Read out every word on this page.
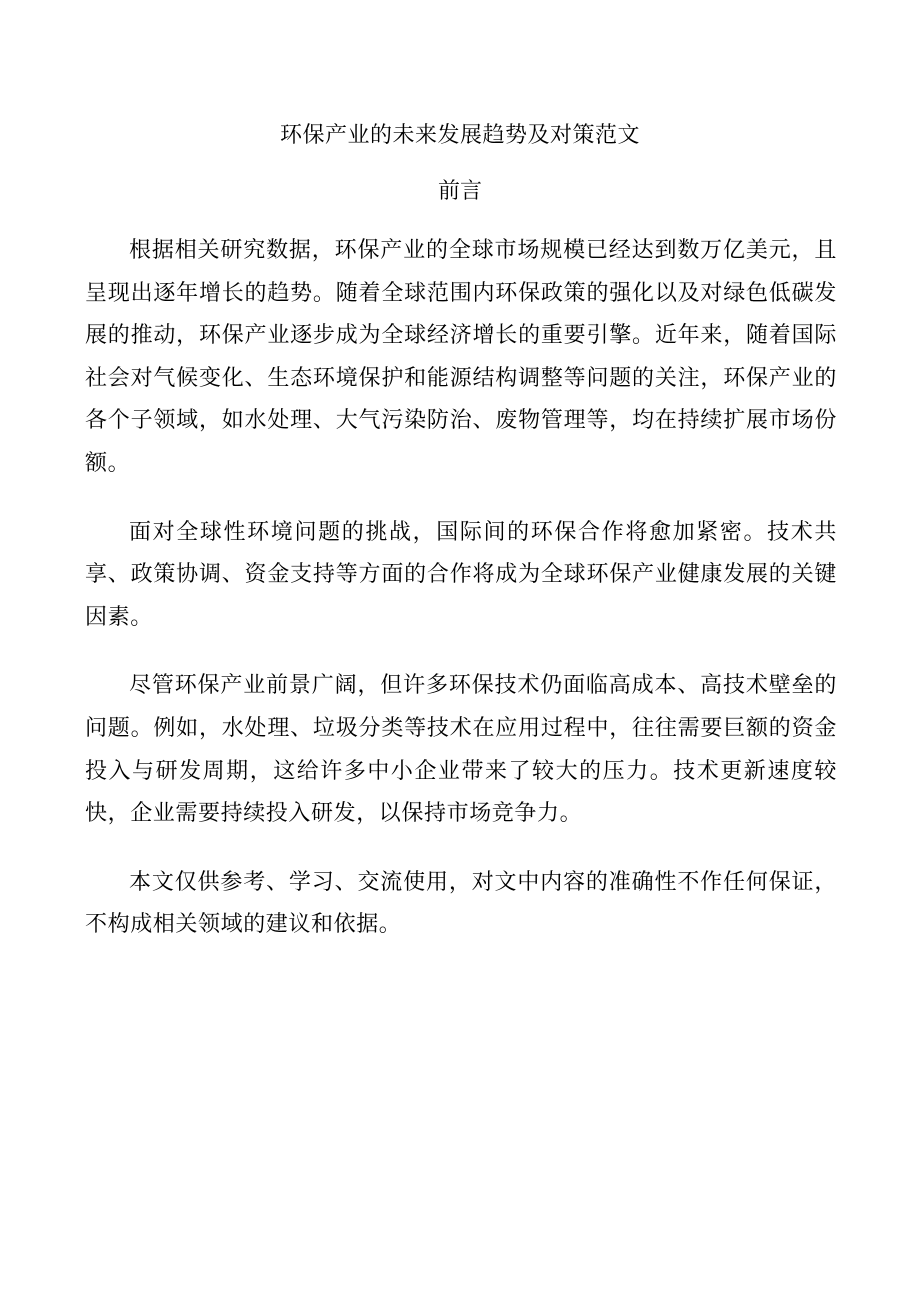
环保产业的未来发展趋势及对策范文
前言

根据相关研究数据，环保产业的全球市场规模已经达到数万亿美元，且呈现出逐年增长的趋势。随着全球范围内环保政策的强化以及对绿色低碳发展的推动，环保产业逐步成为全球经济增长的重要引擎。近年来，随着国际社会对气候变化、生态环境保护和能源结构调整等问题的关注，环保产业的各个子领域，如水处理、大气污染防治、废物管理等，均在持续扩展市场份额。

面对全球性环境问题的挑战，国际间的环保合作将愈加紧密。技术共享、政策协调、资金支持等方面的合作将成为全球环保产业健康发展的关键因素。

尽管环保产业前景广阔，但许多环保技术仍面临高成本、高技术壁垒的问题。例如，水处理、垃圾分类等技术在应用过程中，往往需要巨额的资金投入与研发周期，这给许多中小企业带来了较大的压力。技术更新速度较快，企业需要持续投入研发，以保持市场竞争力。

本文仅供参考、学习、交流使用，对文中内容的准确性不作任何保证，不构成相关领域的建议和依据。
